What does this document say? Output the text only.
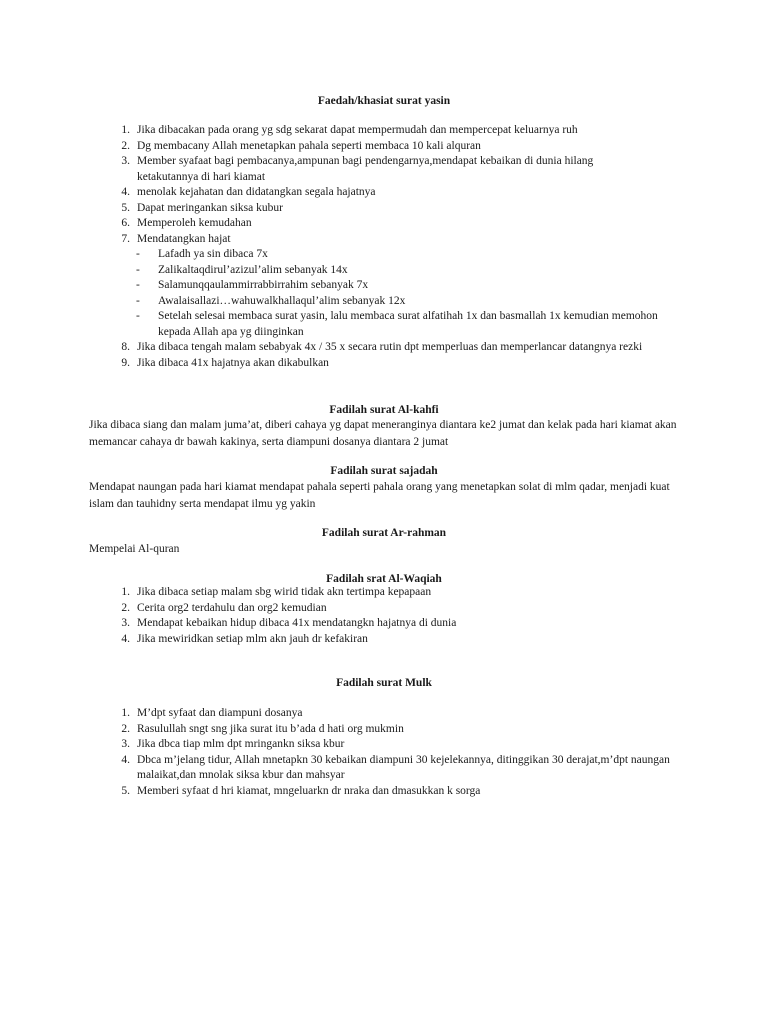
Faedah/khasiat surat yasin
1. Jika dibacakan pada orang yg sdg sekarat dapat mempermudah dan mempercepat keluarnya ruh
2. Dg membacany Allah menetapkan pahala seperti membaca 10 kali alquran
3. Member syafaat bagi pembacanya,ampunan bagi pendengarnya,mendapat kebaikan di dunia hilang ketakutannya di hari kiamat
4. menolak kejahatan dan didatangkan segala hajatnya
5. Dapat meringankan siksa kubur
6. Memperoleh kemudahan
7. Mendatangkan hajat
-	Lafadh ya sin dibaca 7x
-	Zalikaltaqdirul’azizul’alim sebanyak 14x
-	Salamunqqaulammirrabbirrahim sebanyak 7x
-	Awalaisallazi…wahuwalkhallaqul’alim sebanyak 12x
-	Setelah selesai membaca surat yasin, lalu membaca surat alfatihah 1x dan basmallah 1x kemudian memohon kepada Allah apa yg diinginkan
8. Jika dibaca tengah malam sebabyak 4x / 35 x secara rutin dpt memperluas dan memperlancar datangnya rezki
9. Jika dibaca 41x hajatnya akan dikabulkan
Fadilah surat Al-kahfi
Jika dibaca siang dan malam juma’at, diberi cahaya yg dapat meneranginya diantara ke2 jumat dan kelak pada hari kiamat akan memancar cahaya dr bawah kakinya, serta diampuni dosanya diantara 2 jumat
Fadilah surat sajadah
Mendapat naungan pada hari kiamat mendapat pahala seperti pahala orang yang menetapkan solat di mlm qadar, menjadi kuat islam dan tauhidny serta mendapat ilmu yg yakin
Fadilah surat Ar-rahman
Mempelai Al-quran
Fadilah srat Al-Waqiah
1. Jika dibaca setiap malam sbg wirid tidak akn tertimpa kepapaan
2. Cerita org2 terdahulu dan org2 kemudian
3. Mendapat kebaikan hidup dibaca 41x mendatangkn hajatnya di dunia
4. Jika mewiridkan setiap mlm akn jauh dr kefakiran
Fadilah surat Mulk
1. M’dpt syfaat dan diampuni dosanya
2. Rasulullah sngt sng jika surat itu b’ada d hati org mukmin
3. Jika dbca tiap mlm dpt mringankn siksa kbur
4. Dbca m’jelang tidur, Allah mnetapkn 30 kebaikan diampuni 30 kejelekannya, ditinggikan 30 derajat,m’dpt naungan malaikat,dan mnolak siksa kbur dan mahsyar
5. Memberi syfaat d hri kiamat, mngeluarkn dr nraka dan dmasukkan k sorga
